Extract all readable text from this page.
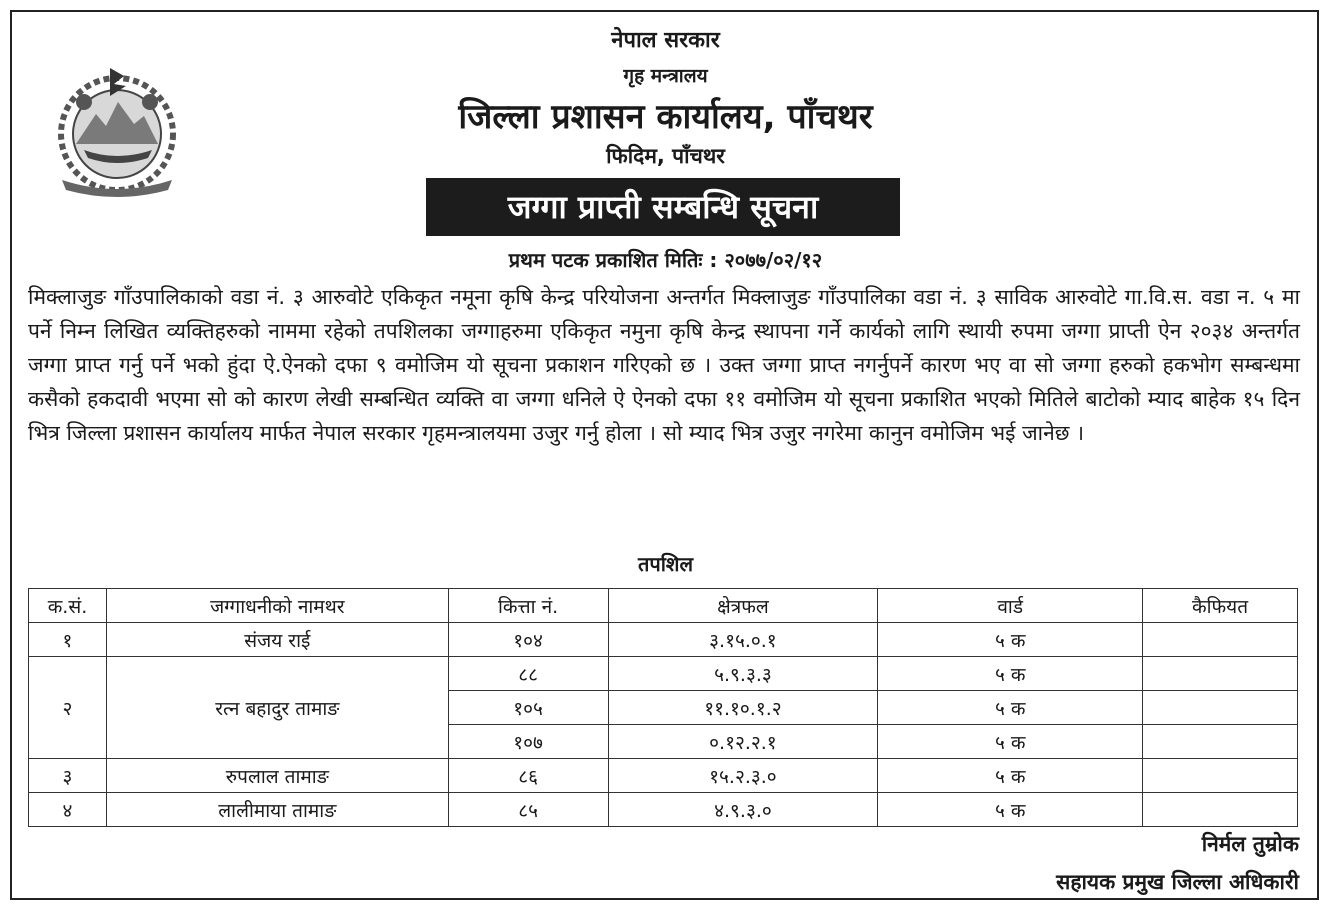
नेपाल सरकार
गृह मन्त्रालय
जिल्ला प्रशासन कार्यालय, पाँचथर
फिदिम, पाँचथर
जग्गा प्राप्ती सम्बन्धि सूचना
प्रथम पटक प्रकाशित मितिः : २०७७/०२/१२
मिक्लाजुङ गाँउपालिकाको वडा नं. ३ आरुवोटे एकिकृत नमूना कृषि केन्द्र परियोजना अन्तर्गत मिक्लाजुङ गाँउपालिका वडा नं. ३ साविक आरुवोटे गा.वि.स. वडा न. ५ मा पर्ने निम्न लिखित व्यक्तिहरुको नाममा रहेको तपशिलका जग्गाहरुमा एकिकृत नमुना कृषि केन्द्र स्थापना गर्ने कार्यको लागि स्थायी रुपमा जग्गा प्राप्ती ऐन २०३४ अन्तर्गत जग्गा प्राप्त गर्नु पर्ने भको हुंदा ऐ.ऐनको दफा ९ वमोजिम यो सूचना प्रकाशन गरिएको छ । उक्त जग्गा प्राप्त नगर्नुपर्ने कारण भए वा सो जग्गा हरुको हकभोग सम्बन्धमा कसैको हकदावी भएमा सो को कारण लेखी सम्बन्धित व्यक्ति वा जग्गा धनिले ऐ ऐनको दफा ११ वमोजिम यो सूचना प्रकाशित भएको मितिले बाटोको म्याद बाहेक १५ दिन भित्र जिल्ला प्रशासन कार्यालय मार्फत नेपाल सरकार गृहमन्त्रालयमा उजुर गर्नु होला । सो म्याद भित्र उजुर नगरेमा कानुन वमोजिम भई जानेछ ।
तपशिल
क.सं.	जग्गाधनीको नामथर	कित्ता नं.	क्षेत्रफल	वार्ड	कैफियत
१	संजय राई	१०४	३.१५.०.१	५ क	
२	रत्न बहादुर तामाङ	८८	५.९.३.३	५ क	
		१०५	११.१०.१.२	५ क	
		१०७	०.१२.२.१	५ क	
३	रुपलाल तामाङ	८६	१५.२.३.०	५ क	
४	लालीमाया तामाङ	८५	४.९.३.०	५ क	
निर्मल तुम्रोक
सहायक प्रमुख जिल्ला अधिकारी
